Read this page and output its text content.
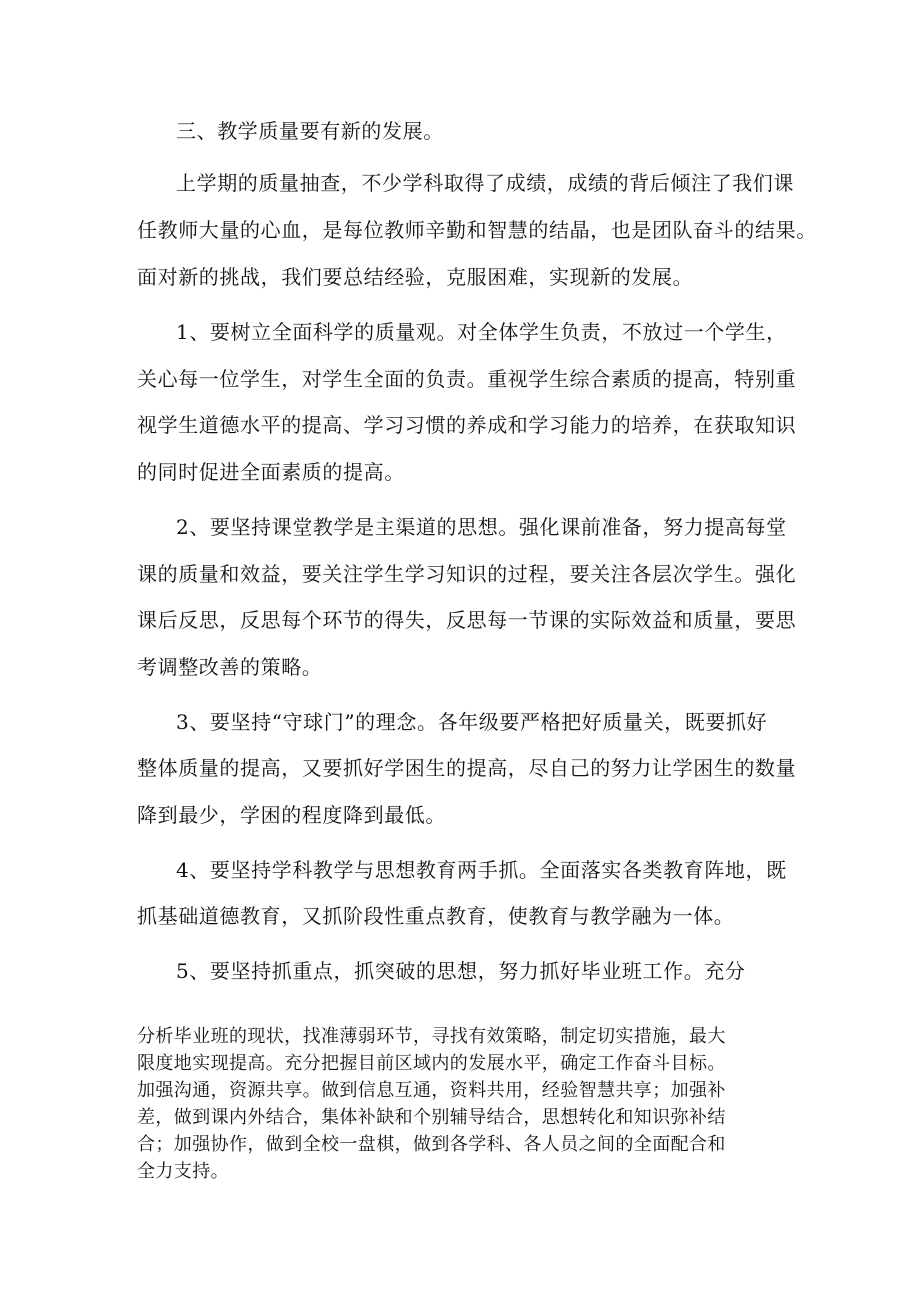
三、教学质量要有新的发展。
上学期的质量抽查，不少学科取得了成绩，成绩的背后倾注了我们课
任教师大量的心血，是每位教师辛勤和智慧的结晶，也是团队奋斗的结果。
面对新的挑战，我们要总结经验，克服困难，实现新的发展。
1、要树立全面科学的质量观。对全体学生负责，不放过一个学生，
关心每一位学生，对学生全面的负责。重视学生综合素质的提高，特别重
视学生道德水平的提高、学习习惯的养成和学习能力的培养，在获取知识
的同时促进全面素质的提高。
2、要坚持课堂教学是主渠道的思想。强化课前准备，努力提高每堂
课的质量和效益，要关注学生学习知识的过程，要关注各层次学生。强化
课后反思，反思每个环节的得失，反思每一节课的实际效益和质量，要思
考调整改善的策略。
3、要坚持“守球门”的理念。各年级要严格把好质量关，既要抓好
整体质量的提高，又要抓好学困生的提高，尽自己的努力让学困生的数量
降到最少，学困的程度降到最低。
4、要坚持学科教学与思想教育两手抓。全面落实各类教育阵地，既
抓基础道德教育，又抓阶段性重点教育，使教育与教学融为一体。
5、要坚持抓重点，抓突破的思想，努力抓好毕业班工作。充分
分析毕业班的现状，找准薄弱环节，寻找有效策略，制定切实措施，最大
限度地实现提高。充分把握目前区域内的发展水平，确定工作奋斗目标。
加强沟通，资源共享。做到信息互通，资料共用，经验智慧共享；加强补
差，做到课内外结合，集体补缺和个别辅导结合，思想转化和知识弥补结
合；加强协作，做到全校一盘棋，做到各学科、各人员之间的全面配合和
全力支持。
